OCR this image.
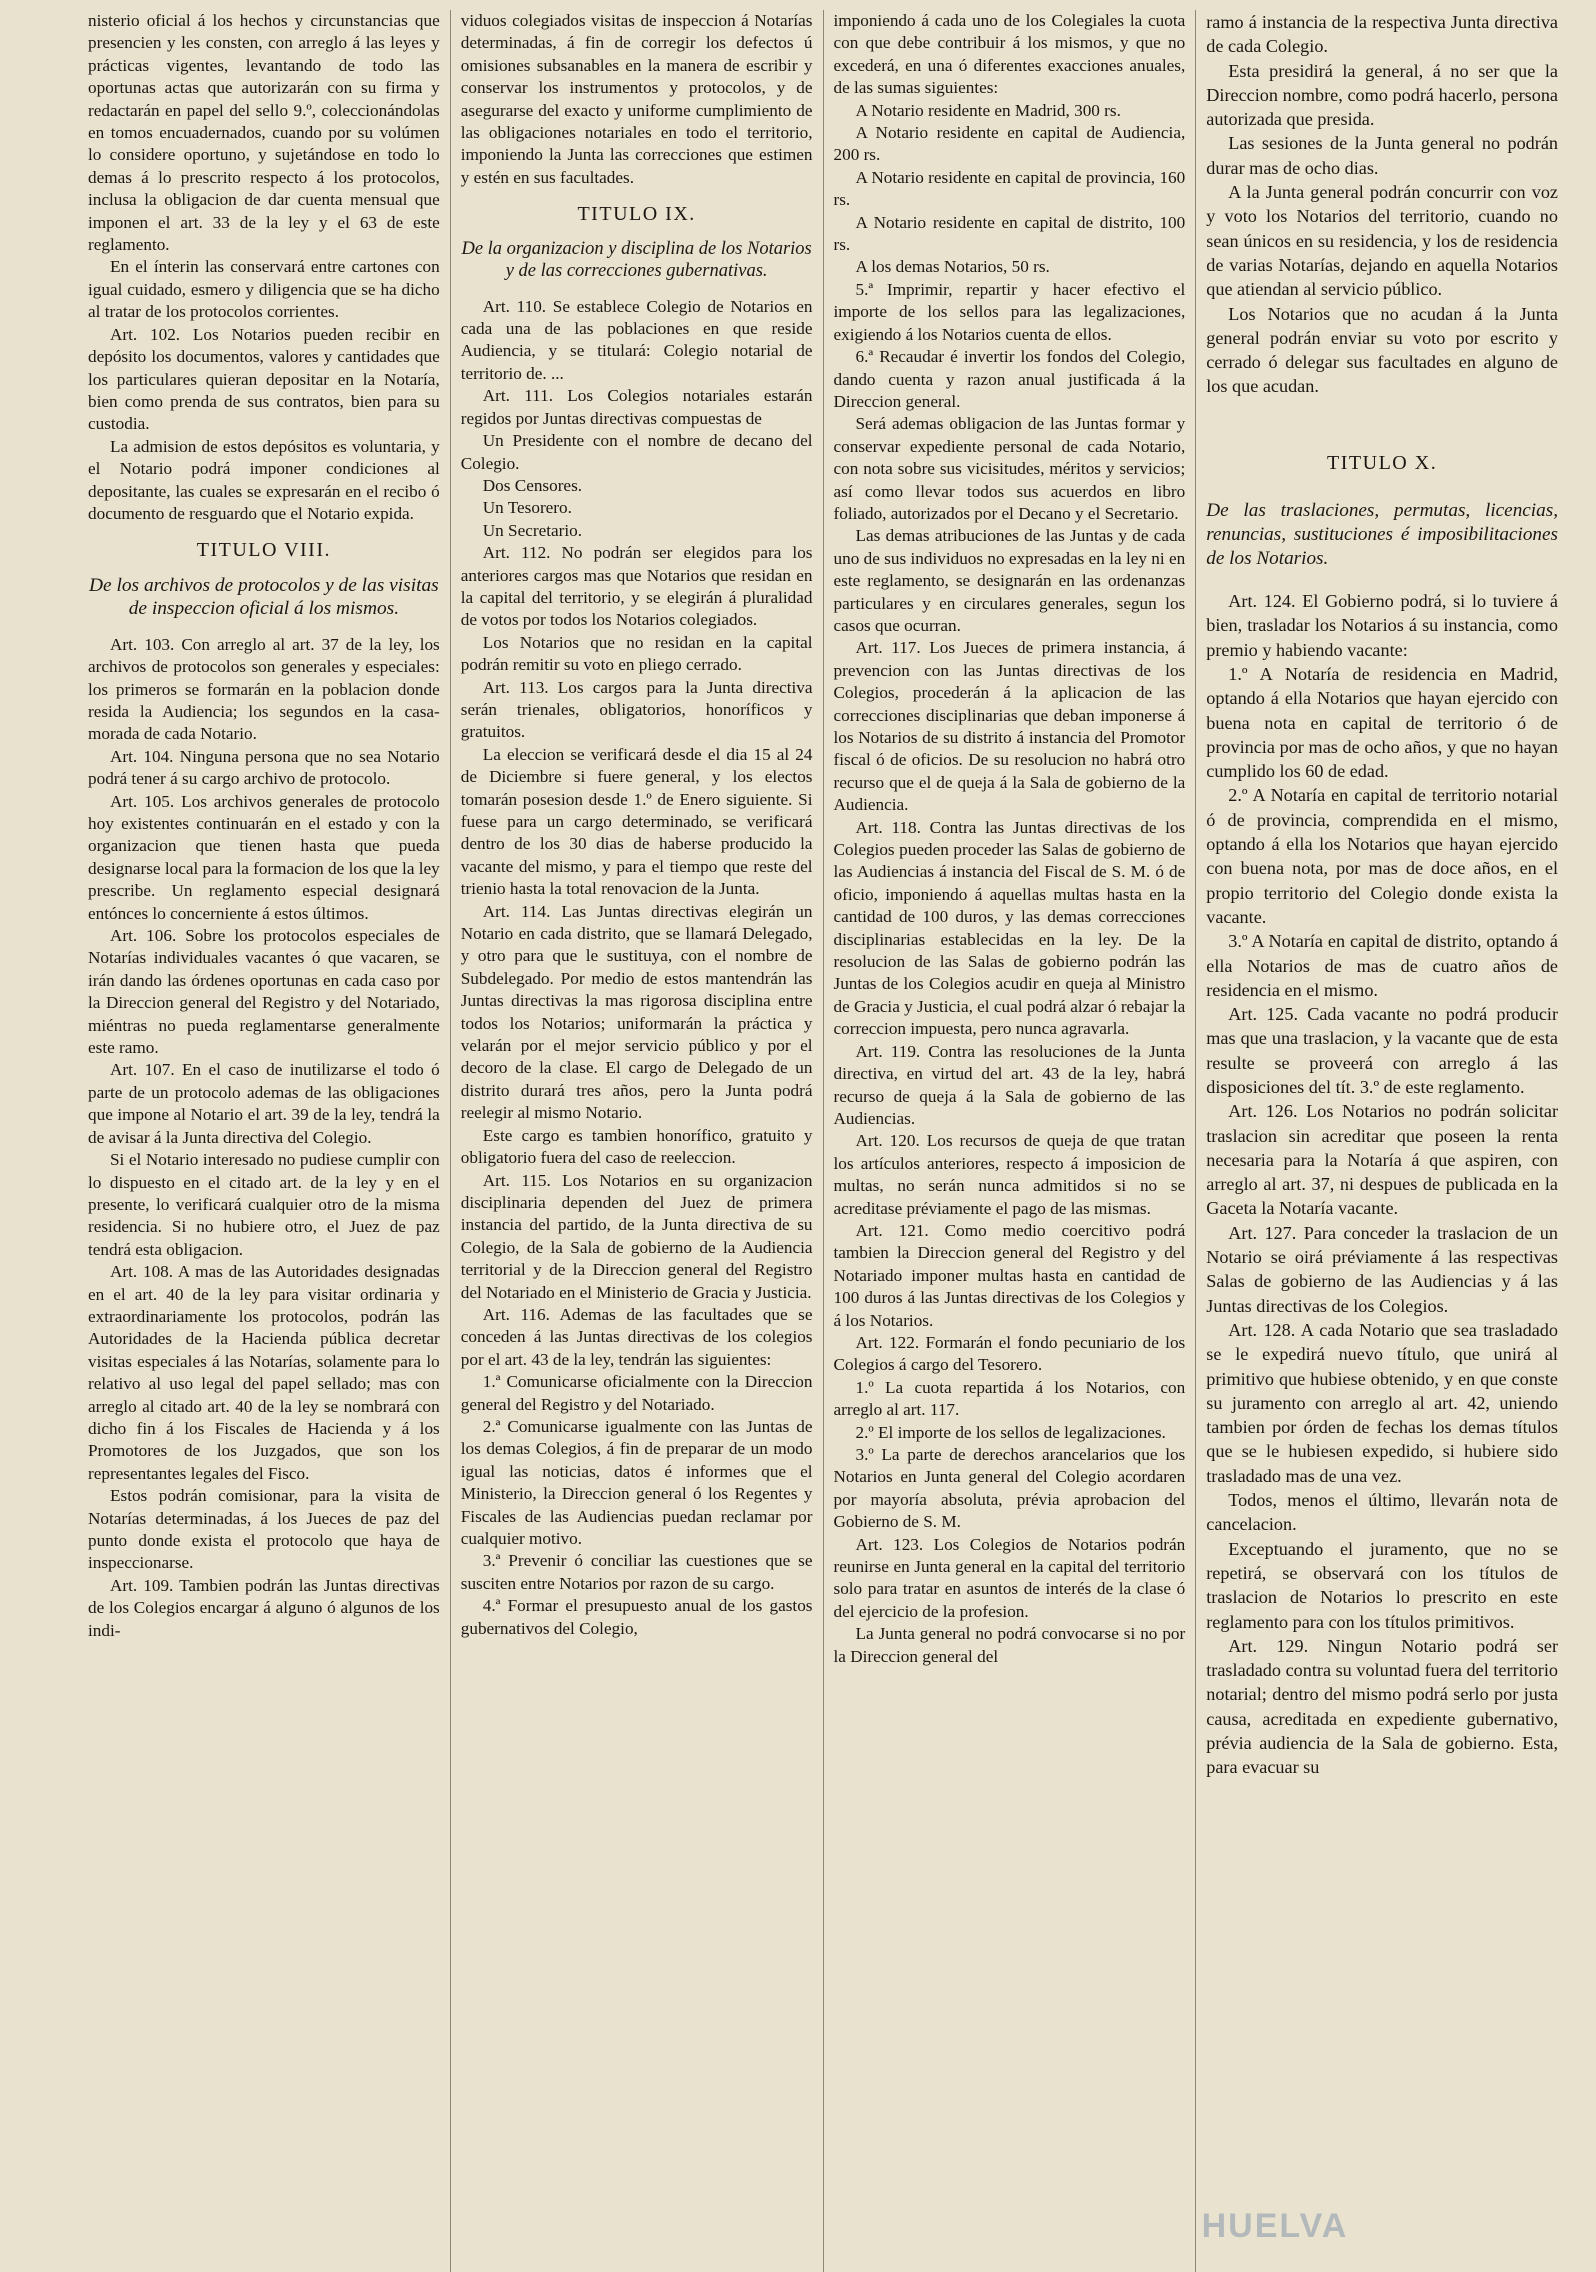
nisterio oficial á los hechos y circunstancias que presencien y les consten, con arreglo á las leyes y prácticas vigentes, levantando de todo las oportunas actas que autorizarán con su firma y redactarán en papel del sello 9.º, coleccionándolas en tomos encuadernados, cuando por su volúmen lo considere oportuno, y sujetándose en todo lo demas á lo prescrito respecto á los protocolos, inclusa la obligacion de dar cuenta mensual que imponen el art. 33 de la ley y el 63 de este reglamento.

En el ínterin las conservará entre cartones con igual cuidado, esmero y diligencia que se ha dicho al tratar de los protocolos corrientes.

Art. 102. Los Notarios pueden recibir en depósito los documentos, valores y cantidades que los particulares quieran depositar en la Notaría, bien como prenda de sus contratos, bien para su custodia.

La admision de estos depósitos es voluntaria, y el Notario podrá imponer condiciones al depositante, las cuales se expresarán en el recibo ó documento de resguardo que el Notario expida.

TITULO VIII.
De los archivos de protocolos y de las visitas de inspeccion oficial á los mismos.

Art. 103. Con arreglo al art. 37 de la ley, los archivos de protocolos son generales y especiales: los primeros se formarán en la poblacion donde resida la Audiencia; los segundos en la casa-morada de cada Notario.

Art. 104. Ninguna persona que no sea Notario podrá tener á su cargo archivo de protocolo.

Art. 105. Los archivos generales de protocolo hoy existentes continuarán en el estado y con la organizacion que tienen hasta que pueda designarse local para la formacion de los que la ley prescribe. Un reglamento especial designará entónces lo concerniente á estos últimos.

Art. 106. Sobre los protocolos especiales de Notarías individuales vacantes ó que vacaren, se irán dando las órdenes oportunas en cada caso por la Direccion general del Registro y del Notariado, miéntras no pueda reglamentarse generalmente este ramo.

Art. 107. En el caso de inutilizarse el todo ó parte de un protocolo ademas de las obligaciones que impone al Notario el art. 39 de la ley, tendrá la de avisar á la Junta directiva del Colegio.

Si el Notario interesado no pudiese cumplir con lo dispuesto en el citado art. de la ley y en el presente, lo verificará cualquier otro de la misma residencia. Si no hubiere otro, el Juez de paz tendrá esta obligacion.

Art. 108. A mas de las Autoridades designadas en el art. 40 de la ley para visitar ordinaria y extraordinariamente los protocolos, podrán las Autoridades de la Hacienda pública decretar visitas especiales á las Notarías, solamente para lo relativo al uso legal del papel sellado; mas con arreglo al citado art. 40 de la ley se nombrará con dicho fin á los Fiscales de Hacienda y á los Promotores de los Juzgados, que son los representantes legales del Fisco.

Estos podrán comisionar, para la visita de Notarías determinadas, á los Jueces de paz del punto donde exista el protocolo que haya de inspeccionarse.

Art. 109. Tambien podrán las Juntas directivas de los Colegios encargar á alguno ó algunos de los indi-

viduos colegiados visitas de inspeccion á Notarías determinadas, á fin de corregir los defectos ú omisiones subsanables en la manera de escribir y conservar los instrumentos y protocolos, y de asegurarse del exacto y uniforme cumplimiento de las obligaciones notariales en todo el territorio, imponiendo la Junta las correcciones que estimen y estén en sus facultades.

TITULO IX.
De la organizacion y disciplina de los Notarios y de las correcciones gubernativas.

Art. 110. Se establece Colegio de Notarios en cada una de las poblaciones en que reside Audiencia, y se titulará: Colegio notarial de territorio de. ...

Art. 111. Los Colegios notariales estarán regidos por Juntas directivas compuestas de

Un Presidente con el nombre de decano del Colegio.

Dos Censores.

Un Tesorero.

Un Secretario.

Art. 112. No podrán ser elegidos para los anteriores cargos mas que Notarios que residan en la capital del territorio, y se elegirán á pluralidad de votos por todos los Notarios colegiados.

Los Notarios que no residan en la capital podrán remitir su voto en pliego cerrado.

Art. 113. Los cargos para la Junta directiva serán trienales, obligatorios, honoríficos y gratuitos.

La eleccion se verificará desde el dia 15 al 24 de Diciembre si fuere general, y los electos tomarán posesion desde 1.º de Enero siguiente. Si fuese para un cargo determinado, se verificará dentro de los 30 dias de haberse producido la vacante del mismo, y para el tiempo que reste del trienio hasta la total renovacion de la Junta.

Art. 114. Las Juntas directivas elegirán un Notario en cada distrito, que se llamará Delegado, y otro para que le sustituya, con el nombre de Subdelegado. Por medio de estos mantendrán las Juntas directivas la mas rigorosa disciplina entre todos los Notarios; uniformarán la práctica y velarán por el mejor servicio público y por el decoro de la clase. El cargo de Delegado de un distrito durará tres años, pero la Junta podrá reelegir al mismo Notario.

Este cargo es tambien honorífico, gratuito y obligatorio fuera del caso de reeleccion.

Art. 115. Los Notarios en su organizacion disciplinaria dependen del Juez de primera instancia del partido, de la Junta directiva de su Colegio, de la Sala de gobierno de la Audiencia territorial y de la Direccion general del Registro del Notariado en el Ministerio de Gracia y Justicia.

Art. 116. Ademas de las facultades que se conceden á las Juntas directivas de los colegios por el art. 43 de la ley, tendrán las siguientes:

1.ª Comunicarse oficialmente con la Direccion general del Registro y del Notariado.

2.ª Comunicarse igualmente con las Juntas de los demas Colegios, á fin de preparar de un modo igual las noticias, datos é informes que el Ministerio, la Direccion general ó los Regentes y Fiscales de las Audiencias puedan reclamar por cualquier motivo.

3.ª Prevenir ó conciliar las cuestiones que se susciten entre Notarios por razon de su cargo.

4.ª Formar el presupuesto anual de los gastos gubernativos del Colegio,

imponiendo á cada uno de los Colegiales la cuota con que debe contribuir á los mismos, y que no excederá, en una ó diferentes exacciones anuales, de las sumas siguientes:

A Notario residente en Madrid, 300 rs.

A Notario residente en capital de Audiencia, 200 rs.

A Notario residente en capital de provincia, 160 rs.

A Notario residente en capital de distrito, 100 rs.

A los demas Notarios, 50 rs.

5.ª Imprimir, repartir y hacer efectivo el importe de los sellos para las legalizaciones, exigiendo á los Notarios cuenta de ellos.

6.ª Recaudar é invertir los fondos del Colegio, dando cuenta y razon anual justificada á la Direccion general.

Será ademas obligacion de las Juntas formar y conservar expediente personal de cada Notario, con nota sobre sus vicisitudes, méritos y servicios; así como llevar todos sus acuerdos en libro foliado, autorizados por el Decano y el Secretario.

Las demas atribuciones de las Juntas y de cada uno de sus individuos no expresadas en la ley ni en este reglamento, se designarán en las ordenanzas particulares y en circulares generales, segun los casos que ocurran.

Art. 117. Los Jueces de primera instancia, á prevencion con las Juntas directivas de los Colegios, procederán á la aplicacion de las correcciones disciplinarias que deban imponerse á los Notarios de su distrito á instancia del Promotor fiscal ó de oficios. De su resolucion no habrá otro recurso que el de queja á la Sala de gobierno de la Audiencia.

Art. 118. Contra las Juntas directivas de los Colegios pueden proceder las Salas de gobierno de las Audiencias á instancia del Fiscal de S. M. ó de oficio, imponiendo á aquellas multas hasta en la cantidad de 100 duros, y las demas correcciones disciplinarias establecidas en la ley. De la resolucion de las Salas de gobierno podrán las Juntas de los Colegios acudir en queja al Ministro de Gracia y Justicia, el cual podrá alzar ó rebajar la correccion impuesta, pero nunca agravarla.

Art. 119. Contra las resoluciones de la Junta directiva, en virtud del art. 43 de la ley, habrá recurso de queja á la Sala de gobierno de las Audiencias.

Art. 120. Los recursos de queja de que tratan los artículos anteriores, respecto á imposicion de multas, no serán nunca admitidos si no se acreditase préviamente el pago de las mismas.

Art. 121. Como medio coercitivo podrá tambien la Direccion general del Registro y del Notariado imponer multas hasta en cantidad de 100 duros á las Juntas directivas de los Colegios y á los Notarios.

Art. 122. Formarán el fondo pecuniario de los Colegios á cargo del Tesorero.

1.º La cuota repartida á los Notarios, con arreglo al art. 117.

2.º El importe de los sellos de legalizaciones.

3.º La parte de derechos arancelarios que los Notarios en Junta general del Colegio acordaren por mayoría absoluta, prévia aprobacion del Gobierno de S. M.

Art. 123. Los Colegios de Notarios podrán reunirse en Junta general en la capital del territorio solo para tratar en asuntos de interés de la clase ó del ejercicio de la profesion.

La Junta general no podrá convocarse si no por la Direccion general del

ramo á instancia de la respectiva Junta directiva de cada Colegio.

Esta presidirá la general, á no ser que la Direccion nombre, como podrá hacerlo, persona autorizada que presida.

Las sesiones de la Junta general no podrán durar mas de ocho dias.

A la Junta general podrán concurrir con voz y voto los Notarios del territorio, cuando no sean únicos en su residencia, y los de residencia de varias Notarías, dejando en aquella Notarios que atiendan al servicio público.

Los Notarios que no acudan á la Junta general podrán enviar su voto por escrito y cerrado ó delegar sus facultades en alguno de los que acudan.

TITULO X.
De las traslaciones, permutas, licencias, renuncias, sustituciones é imposibilitaciones de los Notarios.

Art. 124. El Gobierno podrá, si lo tuviere á bien, trasladar los Notarios á su instancia, como premio y habiendo vacante:

1.º A Notaría de residencia en Madrid, optando á ella Notarios que hayan ejercido con buena nota en capital de territorio ó de provincia por mas de ocho años, y que no hayan cumplido los 60 de edad.

2.º A Notaría en capital de territorio notarial ó de provincia, comprendida en el mismo, optando á ella los Notarios que hayan ejercido con buena nota, por mas de doce años, en el propio territorio del Colegio donde exista la vacante.

3.º A Notaría en capital de distrito, optando á ella Notarios de mas de cuatro años de residencia en el mismo.

Art. 125. Cada vacante no podrá producir mas que una traslacion, y la vacante que de esta resulte se proveerá con arreglo á las disposiciones del tít. 3.º de este reglamento.

Art. 126. Los Notarios no podrán solicitar traslacion sin acreditar que poseen la renta necesaria para la Notaría á que aspiren, con arreglo al art. 37, ni despues de publicada en la Gaceta la Notaría vacante.

Art. 127. Para conceder la traslacion de un Notario se oirá préviamente á las respectivas Salas de gobierno de las Audiencias y á las Juntas directivas de los Colegios.

Art. 128. A cada Notario que sea trasladado se le expedirá nuevo título, que unirá al primitivo que hubiese obtenido, y en que conste su juramento con arreglo al art. 42, uniendo tambien por órden de fechas los demas títulos que se le hubiesen expedido, si hubiere sido trasladado mas de una vez.

Todos, menos el último, llevarán nota de cancelacion.

Exceptuando el juramento, que no se repetirá, se observará con los títulos de traslacion de Notarios lo prescrito en este reglamento para con los títulos primitivos.

Art. 129. Ningun Notario podrá ser trasladado contra su voluntad fuera del territorio notarial; dentro del mismo podrá serlo por justa causa, acreditada en expediente gubernativo, prévia audiencia de la Sala de gobierno. Esta, para evacuar su

HUELVA
